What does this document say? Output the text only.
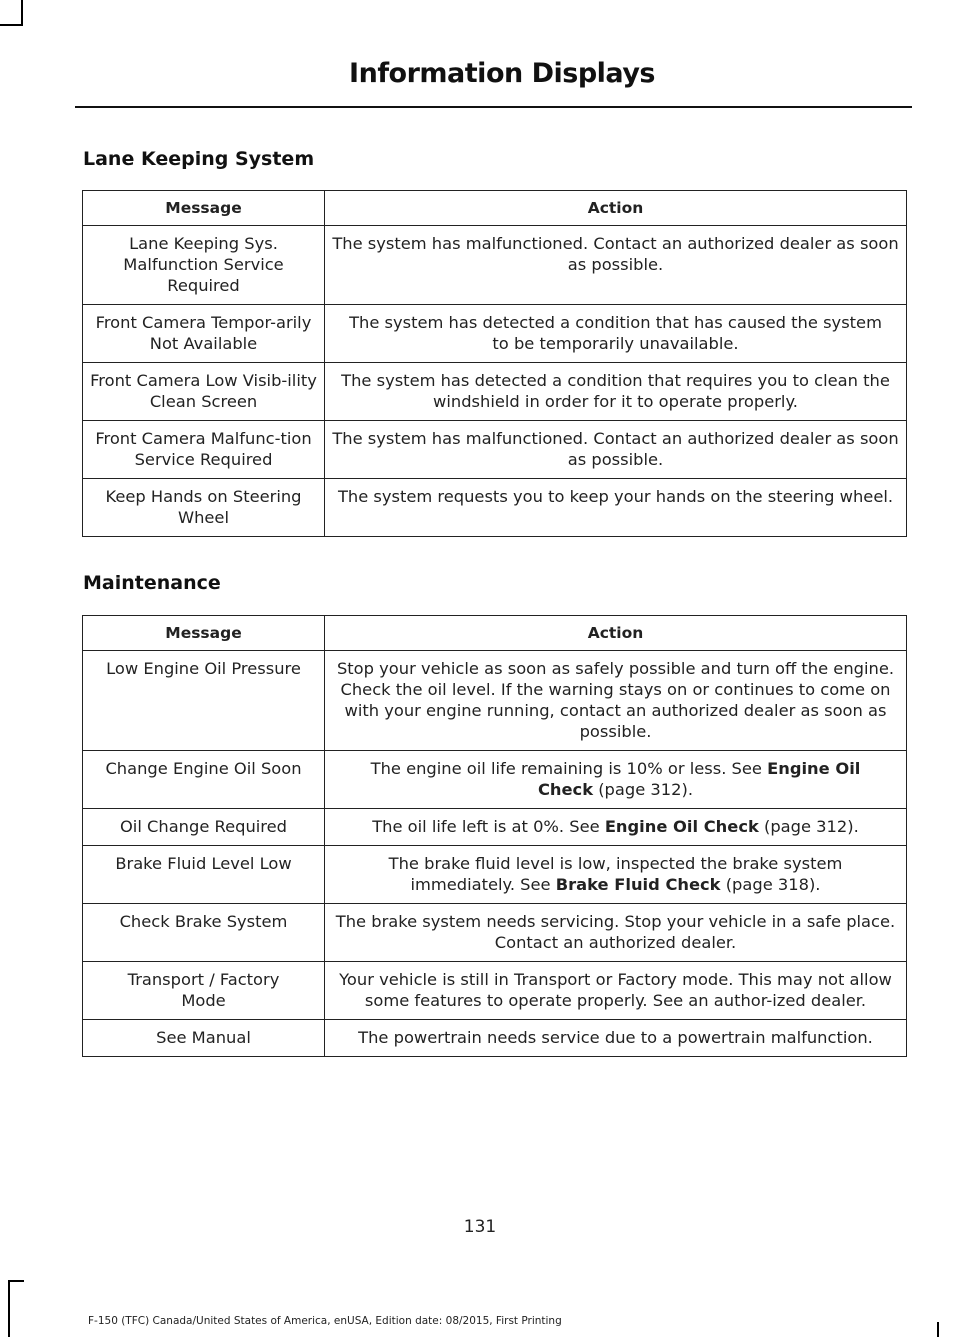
Information Displays
Lane Keeping System
Message	Action
Lane Keeping Sys. Malfunction Service Required	The system has malfunctioned. Contact an authorized dealer as soon as possible.
Front Camera Tempor-arily Not Available	The system has detected a condition that has caused the system to be temporarily unavailable.
Front Camera Low Visib-ility Clean Screen	The system has detected a condition that requires you to clean the windshield in order for it to operate properly.
Front Camera Malfunc-tion Service Required	The system has malfunctioned. Contact an authorized dealer as soon as possible.
Keep Hands on Steering Wheel	The system requests you to keep your hands on the steering wheel.
Maintenance
Message	Action
Low Engine Oil Pressure	Stop your vehicle as soon as safely possible and turn off the engine. Check the oil level. If the warning stays on or continues to come on with your engine running, contact an authorized dealer as soon as possible.
Change Engine Oil Soon	The engine oil life remaining is 10% or less. See Engine Oil Check (page 312).
Oil Change Required	The oil life left is at 0%. See Engine Oil Check (page 312).
Brake Fluid Level Low	The brake fluid level is low, inspected the brake system immediately. See Brake Fluid Check (page 318).
Check Brake System	The brake system needs servicing. Stop your vehicle in a safe place. Contact an authorized dealer.
Transport / Factory Mode	Your vehicle is still in Transport or Factory mode. This may not allow some features to operate properly. See an author-ized dealer.
See Manual	The powertrain needs service due to a powertrain malfunction.
131
F-150 (TFC) Canada/United States of America, enUSA, Edition date: 08/2015, First Printing
